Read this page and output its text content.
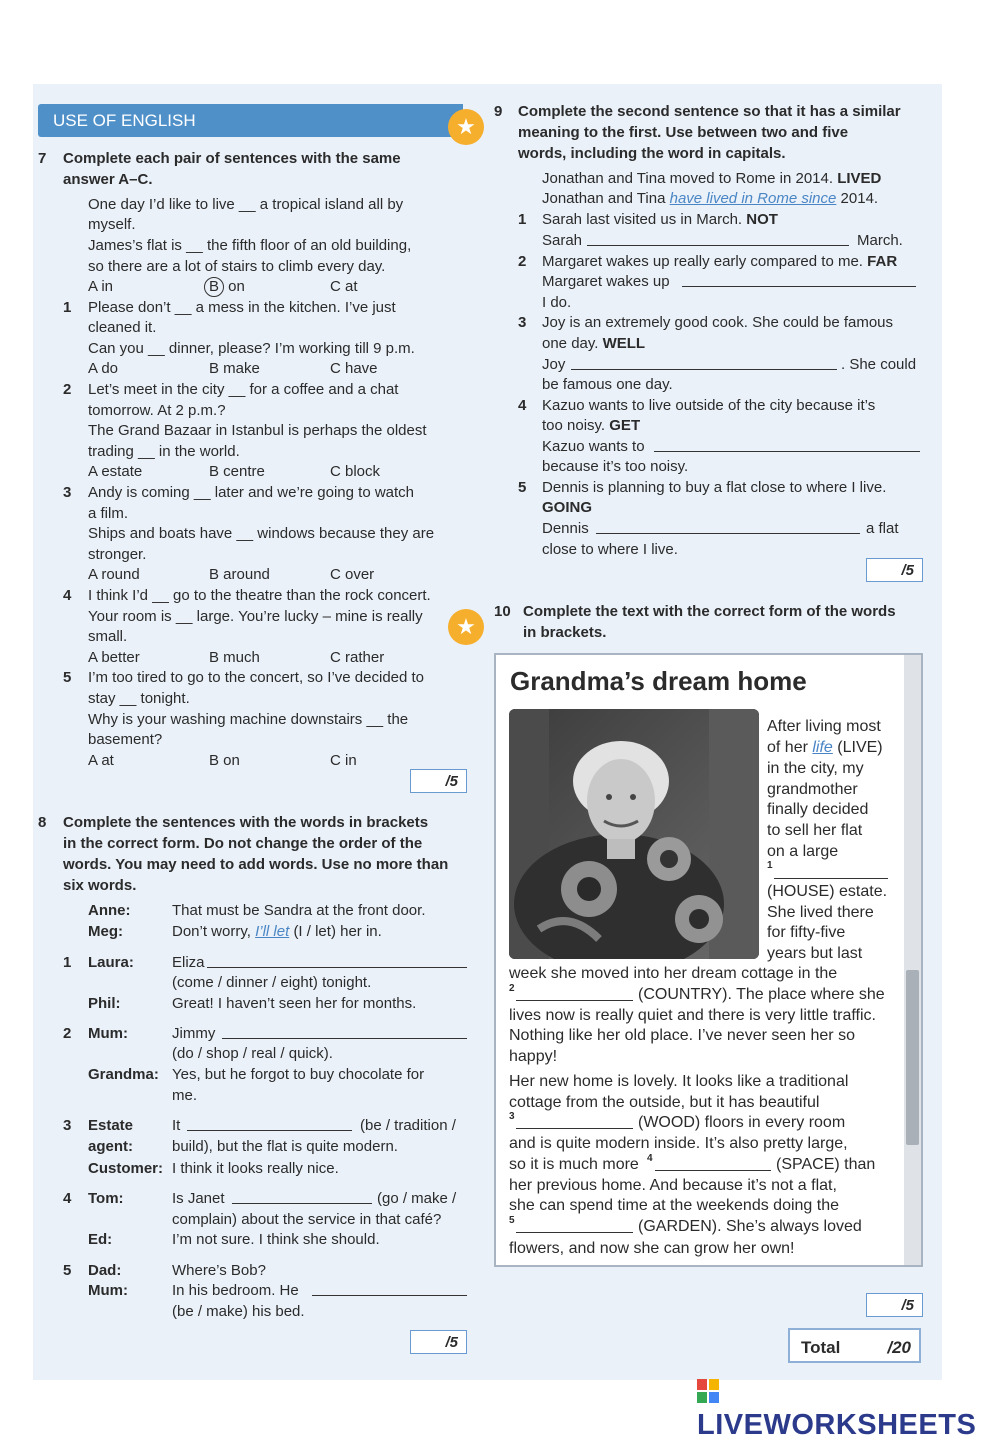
USE OF ENGLISH	★
★
7 Complete each pair of sentences with the same
answer A–C.
One day I’d like to live __ a tropical island all by
myself.
James’s flat is __ the fifth floor of an old building,
so there are a lot of stairs to climb every day.
A in	B on	C at
1 Please don’t __ a mess in the kitchen. I’ve just
cleaned it.
Can you __ dinner, please? I’m working till 9 p.m.
A do	B make	C have
2 Let’s meet in the city __ for a coffee and a chat
tomorrow. At 2 p.m.?
The Grand Bazaar in Istanbul is perhaps the oldest
trading __ in the world.
A estate	B centre	C block
3 Andy is coming __ later and we’re going to watch
a film.
Ships and boats have __ windows because they are
stronger.
A round	B around	C over
4 I think I’d __ go to the theatre than the rock concert.
Your room is __ large. You’re lucky – mine is really
small.
A better	B much	C rather
5 I’m too tired to go to the concert, so I’ve decided to
stay __ tonight.
Why is your washing machine downstairs __ the
basement?
A at	B on	C in
/5
8 Complete the sentences with the words in brackets
in the correct form. Do not change the order of the
words. You may need to add words. Use no more than
six words.
Anne:	That must be Sandra at the front door.
Meg:	Don’t worry, I’ll let (I / let) her in.
1 Laura:	Eliza
(come / dinner / eight) tonight.
Phil:	Great! I haven’t seen her for months.
2 Mum:	Jimmy
(do / shop / real / quick).
Grandma: Yes, but he forgot to buy chocolate for
me.
3 Estate
agent:
It	(be / tradition /
build), but the flat is quite modern.
Customer: I think it looks really nice.
4 Tom:	Is Janet	(go / make /
complain) about the service in that café?
Ed:	I’m not sure. I think she should.
5 Dad:	Where’s Bob?
Mum:	In his bedroom. He
(be / make) his bed.
/5
9 Complete the second sentence so that it has a similar
meaning to the first. Use between two and five
words, including the word in capitals.
Jonathan and Tina moved to Rome in 2014. LIVED
Jonathan and Tina have lived in Rome since 2014.
1 Sarah last visited us in March. NOT
Sarah	March.
2 Margaret wakes up really early compared to me. FAR
Margaret wakes up
I do.
3 Joy is an extremely good cook. She could be famous
one day. WELL
Joy	. She could
be famous one day.
4 Kazuo wants to live outside of the city because it’s
too noisy. GET
Kazuo wants to
because it’s too noisy.
5 Dennis is planning to buy a flat close to where I live.
GOING
Dennis	a flat
close to where I live.
/5
10 Complete the text with the correct form of the words
in brackets.
Grandma’s dream home
After living most
of her life (LIVE)
in the city, my
grandmother
finally decided
to sell her flat
on a large
1
(HOUSE) estate.
She lived there
for fifty-five
years but last
week she moved into her dream cottage in the
2	(COUNTRY). The place where she
lives now is really quiet and there is very little traffic.
Nothing like her old place. I’ve never seen her so
happy!
Her new home is lovely. It looks like a traditional
cottage from the outside, but it has beautiful
3	(WOOD) floors in every room
and is quite modern inside. It’s also pretty large,
so it is much more 4	(SPACE) than
her previous home. And because it’s not a flat,
she can spend time at the weekends doing the
5	(GARDEN). She’s always loved
flowers, and now she can grow her own!
/5
Total	/20
LIVEWORKSHEETS
